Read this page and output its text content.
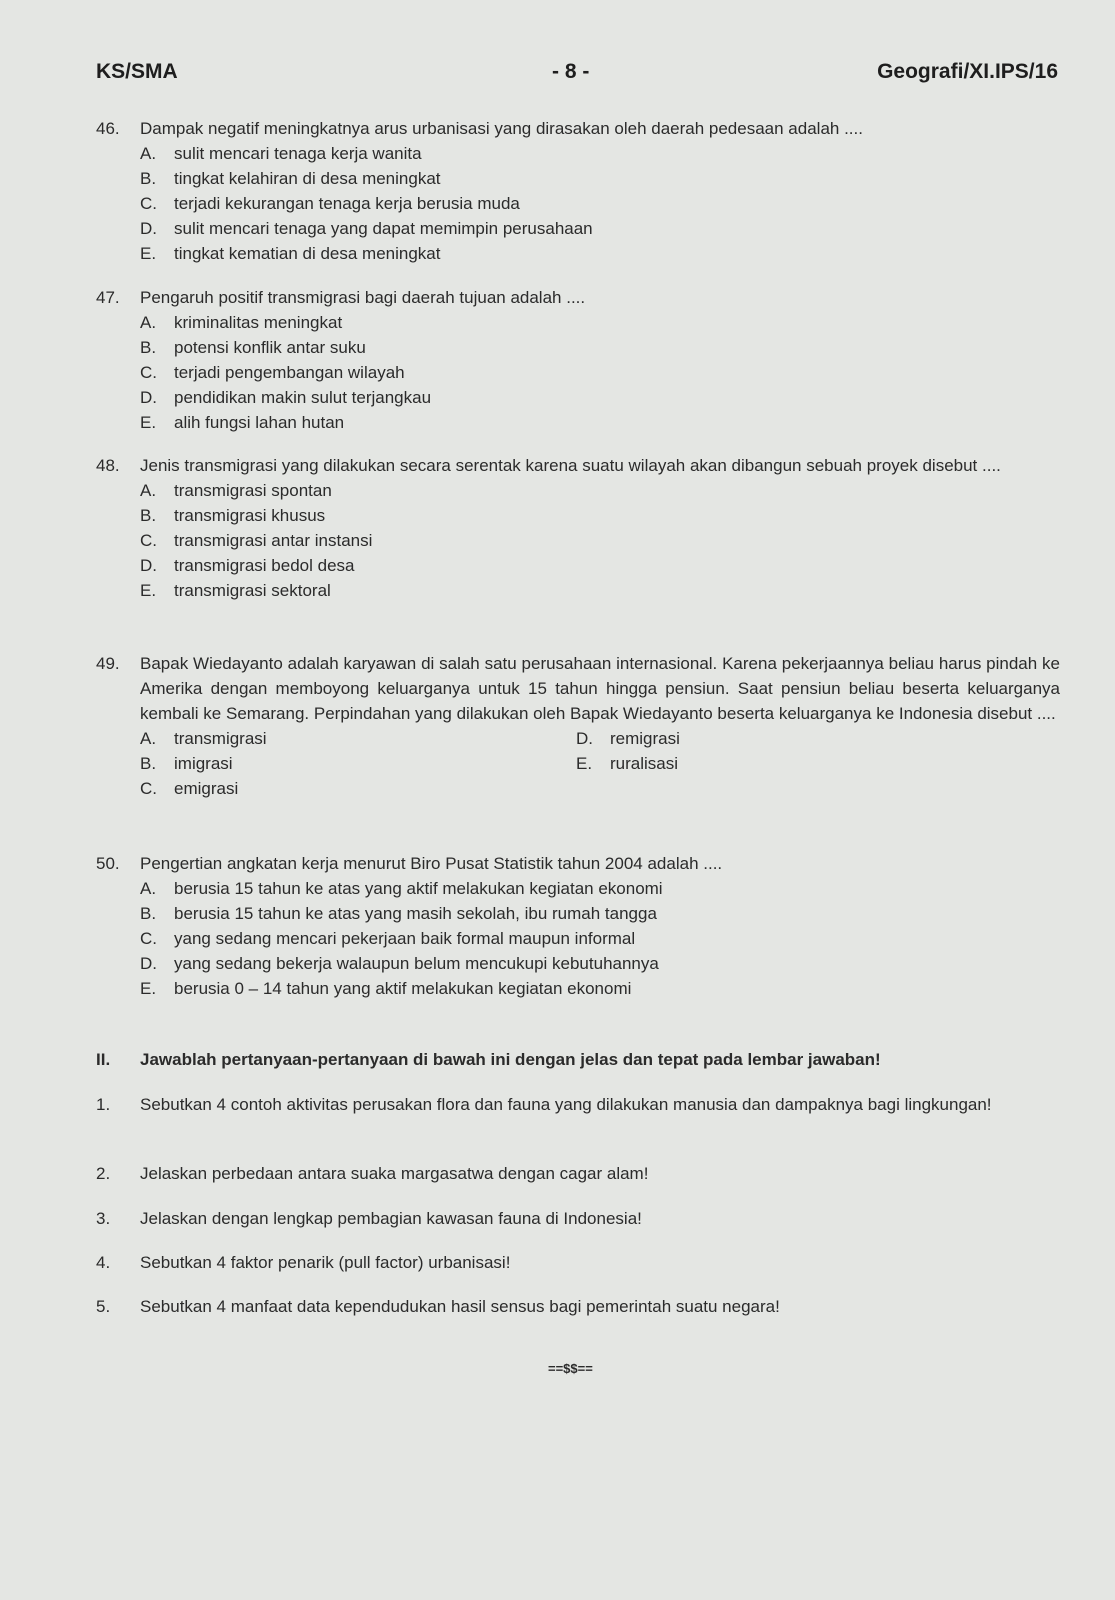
KS/SMA	- 8 -	Geografi/XI.IPS/16
46.	Dampak negatif meningkatnya arus urbanisasi yang dirasakan oleh daerah pedesaan adalah ....
A. sulit mencari tenaga kerja wanita
B. tingkat kelahiran di desa meningkat
C. terjadi kekurangan tenaga kerja berusia muda
D. sulit mencari tenaga yang dapat memimpin perusahaan
E. tingkat kematian di desa meningkat
47.	Pengaruh positif transmigrasi bagi daerah tujuan adalah ....
A. kriminalitas meningkat
B. potensi konflik antar suku
C. terjadi pengembangan wilayah
D. pendidikan makin sulut terjangkau
E. alih fungsi lahan hutan
48.	Jenis transmigrasi yang dilakukan secara serentak karena suatu wilayah akan dibangun sebuah proyek disebut ....
A. transmigrasi spontan
B. transmigrasi khusus
C. transmigrasi antar instansi
D. transmigrasi bedol desa
E. transmigrasi sektoral
49.	Bapak Wiedayanto adalah karyawan di salah satu perusahaan internasional. Karena pekerjaannya beliau harus pindah ke Amerika dengan memboyong keluarganya untuk 15 tahun hingga pensiun. Saat pensiun beliau beserta keluarganya kembali ke Semarang. Perpindahan yang dilakukan oleh Bapak Wiedayanto beserta keluarganya ke Indonesia disebut ....
A. transmigrasi
B. imigrasi
C. emigrasi
D. remigrasi
E. ruralisasi
50.	Pengertian angkatan kerja menurut Biro Pusat Statistik tahun 2004 adalah ....
A. berusia 15 tahun ke atas yang aktif melakukan kegiatan ekonomi
B. berusia 15 tahun ke atas yang masih sekolah, ibu rumah tangga
C. yang sedang mencari pekerjaan baik formal maupun informal
D. yang sedang bekerja walaupun belum mencukupi kebutuhannya
E. berusia 0 – 14 tahun yang aktif melakukan kegiatan ekonomi
II. Jawablah pertanyaan-pertanyaan di bawah ini dengan jelas dan tepat pada lembar jawaban!
1.	Sebutkan 4 contoh aktivitas perusakan flora dan fauna yang dilakukan manusia dan dampaknya bagi lingkungan!
2.	Jelaskan perbedaan antara suaka margasatwa dengan cagar alam!
3.	Jelaskan dengan lengkap pembagian kawasan fauna di Indonesia!
4.	Sebutkan 4 faktor penarik (pull factor) urbanisasi!
5.	Sebutkan 4 manfaat data kependudukan hasil sensus bagi pemerintah suatu negara!
==$$==
